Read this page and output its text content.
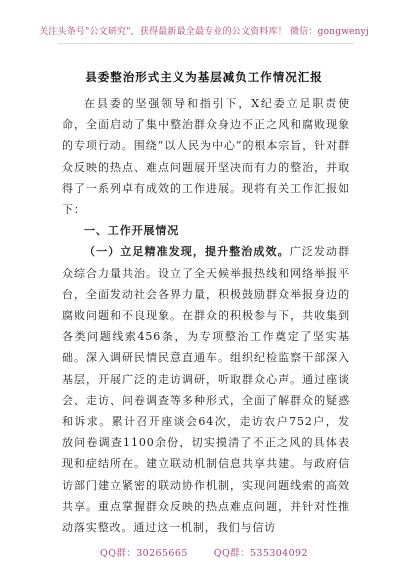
关注头条号"公文研究"，获得最新最全最专业的公文资料库！ 微信：gongwenyj
县委整治形式主义为基层减负工作情况汇报

在县委的坚强领导和指引下，X纪委立足职责使命，全面启动了集中整治群众身边不正之风和腐败现象的专项行动。围绕“以人民为中心”的根本宗旨，针对群众反映的热点、难点问题展开坚决而有力的整治，并取得了一系列卓有成效的工作进展。现将有关工作汇报如下：

一、工作开展情况

（一）立足精准发现，提升整治成效。广泛发动群众综合力量共治。设立了全天候举报热线和网络举报平台，全面发动社会各界力量，积极鼓励群众举报身边的腐败问题和不良现象。在群众的积极参与下，共收集到各类问题线索456条，为专项整治工作奠定了坚实基础。深入调研民情民意直通车。组织纪检监察干部深入基层，开展广泛的走访调研，听取群众心声。通过座谈会、走访、问卷调查等多种形式，全面了解群众的疑惑和诉求。累计召开座谈会64次，走访农户752户，发放问卷调查1100余份，切实摸清了不正之风的具体表现和症结所在。建立联动机制信息共享共建。与政府信访部门建立紧密的联动协作机制，实现问题线索的高效共享。重点掌握群众反映的热点难点问题，并针对性推动落实整改。通过这一机制，我们与信访

QQ群：30265665	QQ群：535304092
